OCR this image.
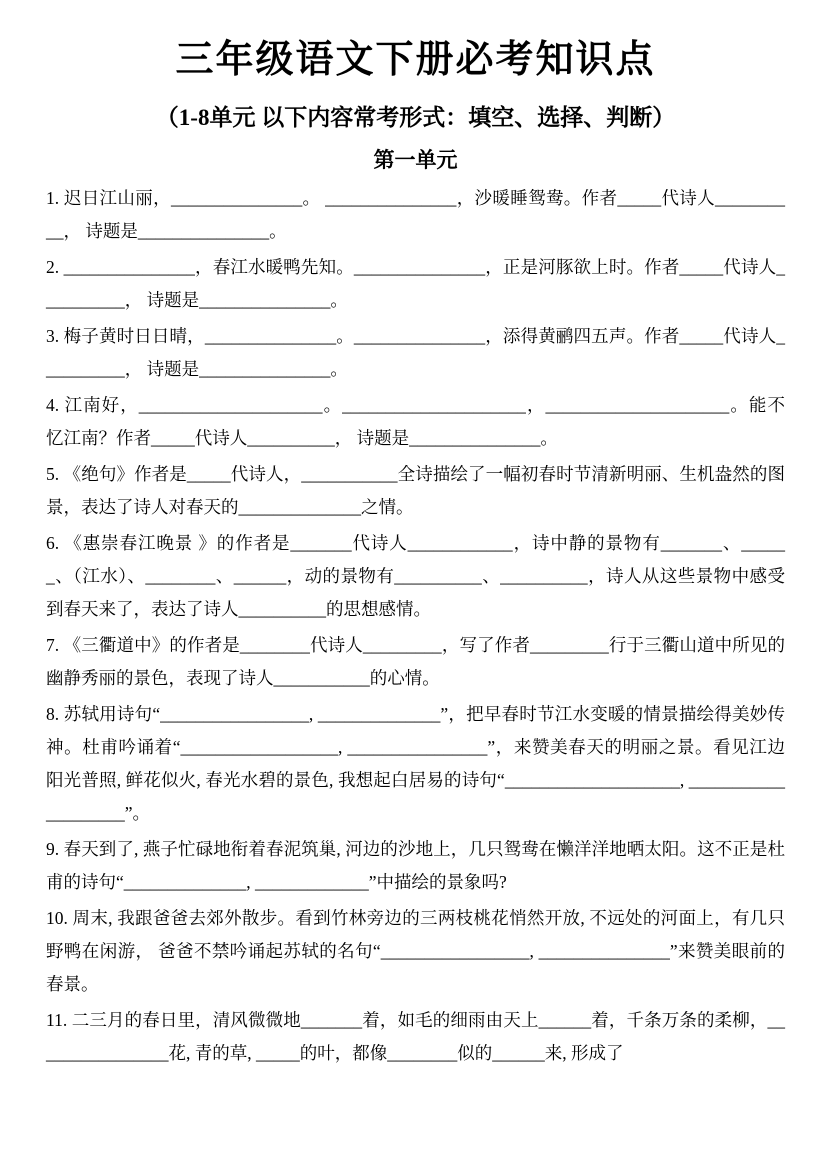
三年级语文下册必考知识点
（1-8单元 以下内容常考形式：填空、选择、判断）
第一单元

1. 迟日江山丽，_______________。 _______________，沙暖睡鸳鸯。作者_____代诗人__________， 诗题是_______________。

2. _______________，春江水暖鸭先知。_______________，正是河豚欲上时。作者_____代诗人__________， 诗题是_______________。

3. 梅子黄时日日晴，_______________。_______________，添得黄鹂四五声。作者_____代诗人__________， 诗题是_______________。

4. 江南好，_____________________。_____________________，_____________________。能不忆江南？作者_____代诗人__________， 诗题是_______________。

5. 《绝句》作者是_____代诗人，___________全诗描绘了一幅初春时节清新明丽、生机盎然的图景，表达了诗人对春天的______________之情。

6. 《惠崇春江晚景 》的作者是_______代诗人____________，诗中静的景物有_______、______、（江水）、________、______，动的景物有__________、__________，诗人从这些景物中感受到春天来了，表达了诗人__________的思想感情。

7. 《三衢道中》的作者是________代诗人_________，写了作者_________行于三衢山道中所见的幽静秀丽的景色，表现了诗人___________的心情。

8. 苏轼用诗句“_________________, ______________”，把早春时节江水变暖的情景描绘得美妙传神。杜甫吟诵着“__________________, ________________”，来赞美春天的明丽之景。看见江边阳光普照, 鲜花似火, 春光水碧的景色, 我想起白居易的诗句“____________________, ____________________”。

9. 春天到了, 燕子忙碌地衔着春泥筑巢, 河边的沙地上，几只鸳鸯在懒洋洋地晒太阳。这不正是杜甫的诗句“______________, _____________”中描绘的景象吗?

10. 周末, 我跟爸爸去郊外散步。看到竹林旁边的三两枝桃花悄然开放, 不远处的河面上，有几只野鸭在闲游， 爸爸不禁吟诵起苏轼的名句“_________________, _______________”来赞美眼前的春景。

11. 二三月的春日里，清风微微地_______着，如毛的细雨由天上______着，千条万条的柔柳，________________花, 青的草, _____的叶，都像________似的______来, 形成了
